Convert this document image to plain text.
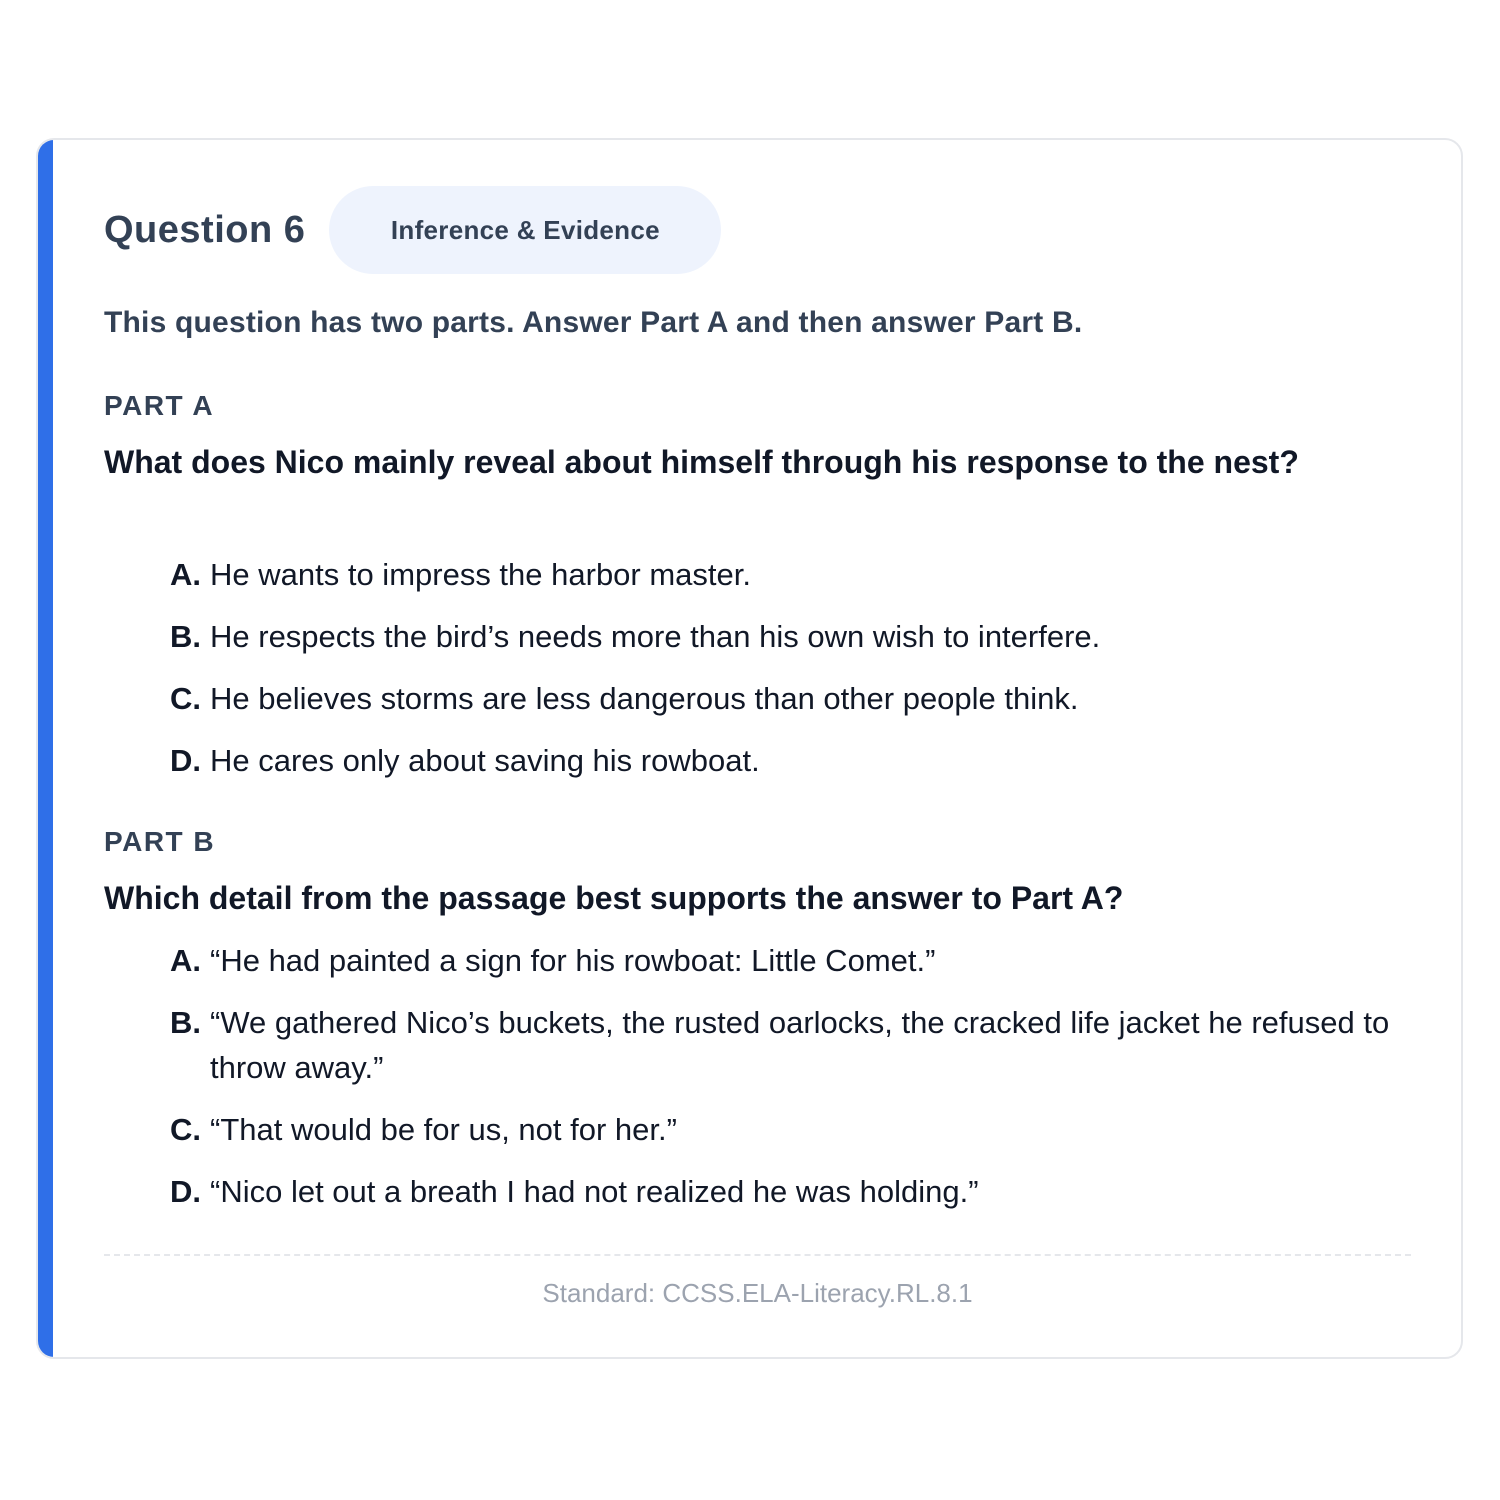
Question 6	Inference & Evidence
This question has two parts. Answer Part A and then answer Part B.
PART A
What does Nico mainly reveal about himself through his response to the nest?
A. He wants to impress the harbor master.
B. He respects the bird’s needs more than his own wish to interfere.
C. He believes storms are less dangerous than other people think.
D. He cares only about saving his rowboat.
PART B
Which detail from the passage best supports the answer to Part A?
A. “He had painted a sign for his rowboat: Little Comet.”
B. “We gathered Nico’s buckets, the rusted oarlocks, the cracked life jacket he refused to throw away.”
C. “That would be for us, not for her.”
D. “Nico let out a breath I had not realized he was holding.”
Standard: CCSS.ELA-Literacy.RL.8.1
